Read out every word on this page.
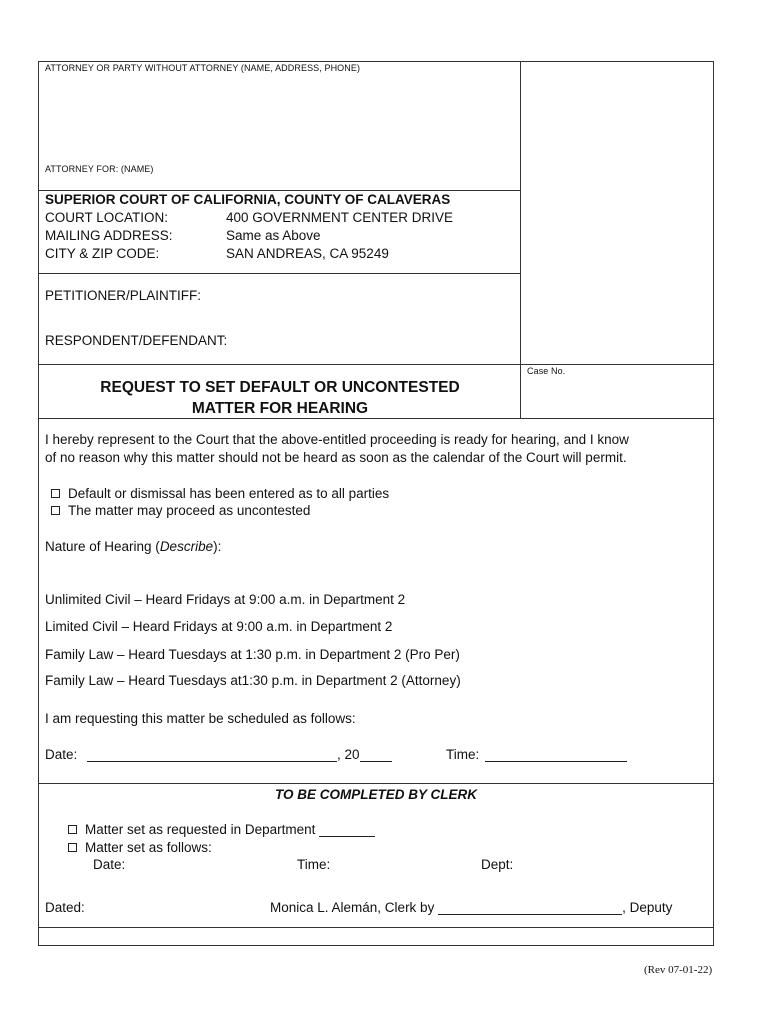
ATTORNEY OR PARTY WITHOUT ATTORNEY (NAME, ADDRESS, PHONE)
ATTORNEY FOR: (NAME)
SUPERIOR COURT OF CALIFORNIA, COUNTY OF CALAVERAS
COURT LOCATION:	400 GOVERNMENT CENTER DRIVE
MAILING ADDRESS:	Same as Above
CITY & ZIP CODE:	SAN ANDREAS, CA 95249
PETITIONER/PLAINTIFF:
RESPONDENT/DEFENDANT:
Case No.
REQUEST TO SET DEFAULT OR UNCONTESTED
MATTER FOR HEARING
I hereby represent to the Court that the above-entitled proceeding is ready for hearing, and I know
of no reason why this matter should not be heard as soon as the calendar of the Court will permit.
Default or dismissal has been entered as to all parties
The matter may proceed as uncontested
Nature of Hearing (Describe):
Unlimited Civil – Heard Fridays at 9:00 a.m. in Department 2
Limited Civil – Heard Fridays at 9:00 a.m. in Department 2
Family Law – Heard Tuesdays at 1:30 p.m. in Department 2 (Pro Per)
Family Law – Heard Tuesdays at1:30 p.m. in Department 2 (Attorney)
I am requesting this matter be scheduled as follows:
Date:	, 20	Time:
TO BE COMPLETED BY CLERK
Matter set as requested in Department
Matter set as follows:
Date:	Time:	Dept:
Dated:	Monica L. Alemán, Clerk by	, Deputy
(Rev 07-01-22)
